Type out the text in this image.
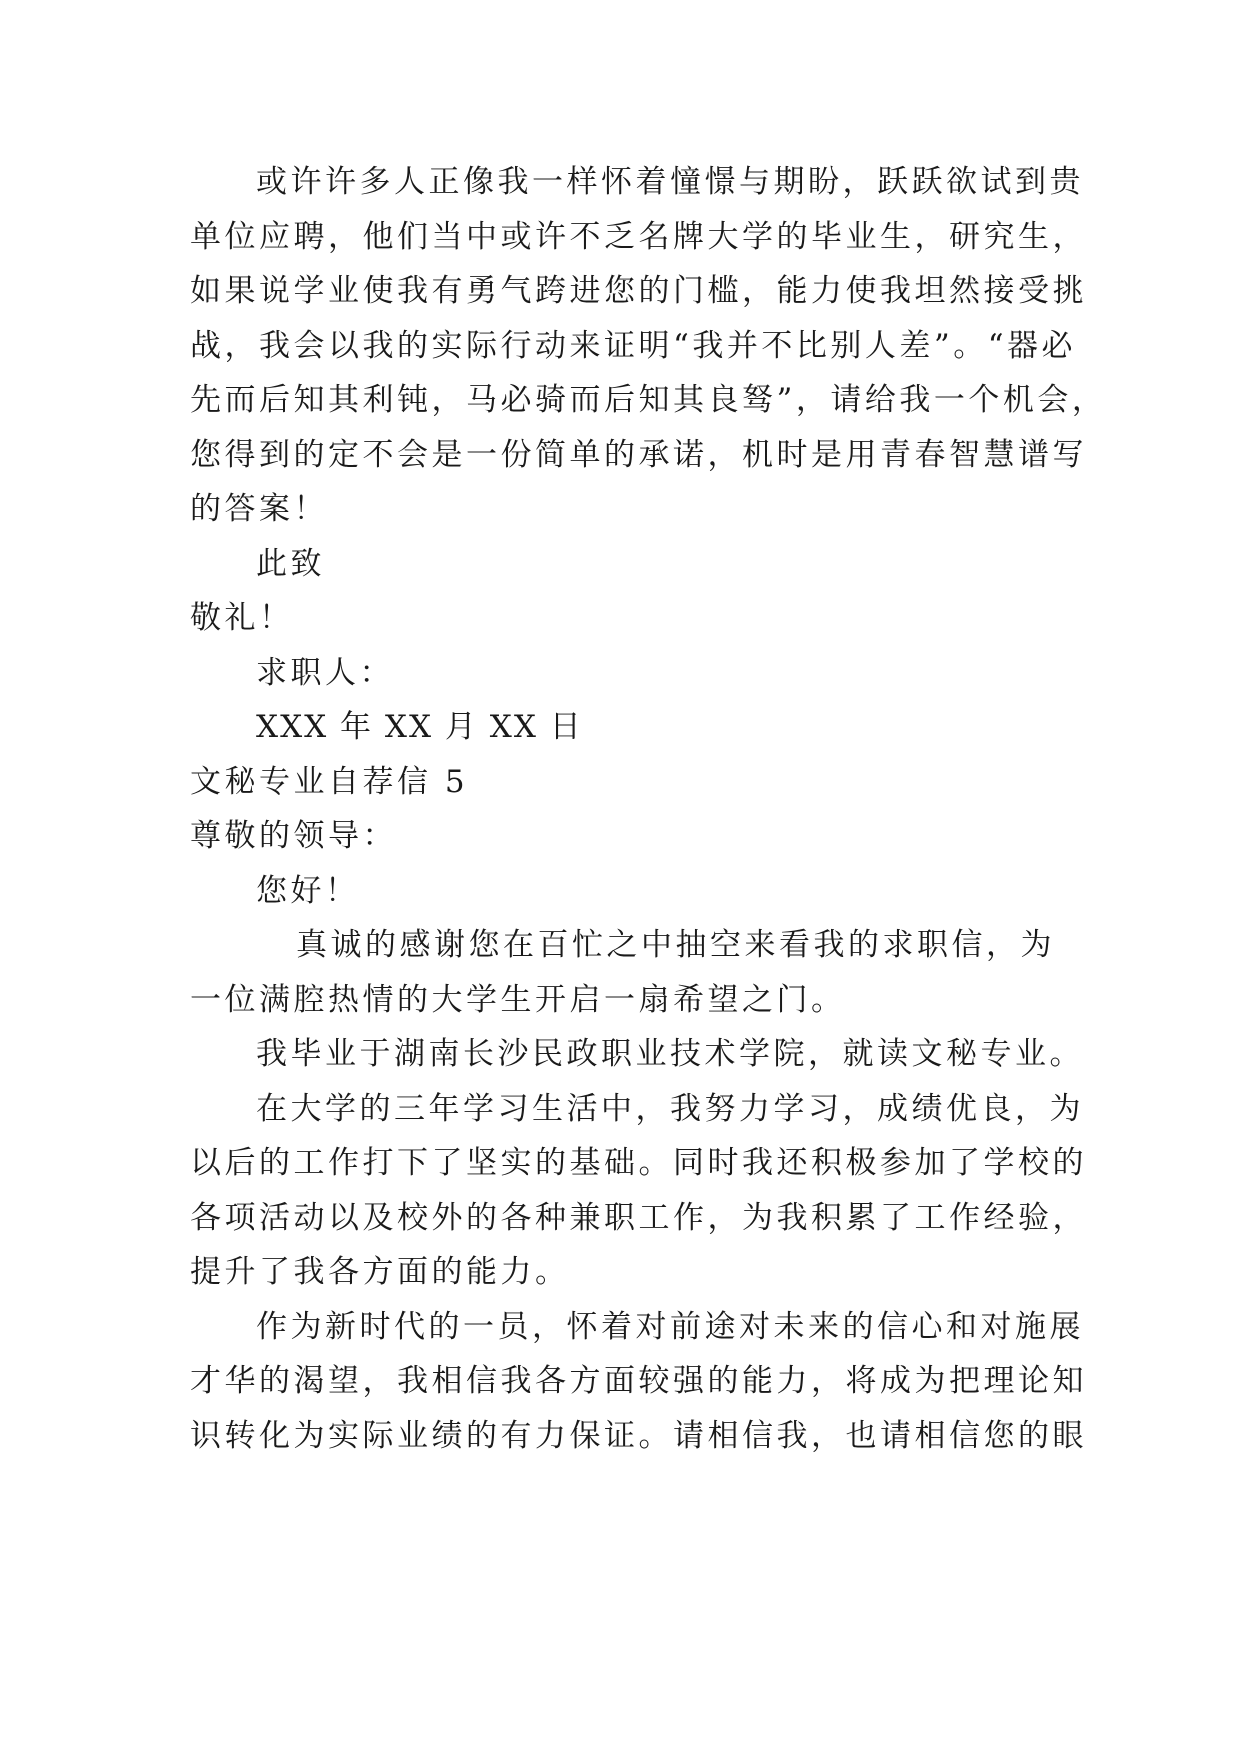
或许许多人正像我一样怀着憧憬与期盼，跃跃欲试到贵
单位应聘，他们当中或许不乏名牌大学的毕业生，研究生，
如果说学业使我有勇气跨进您的门槛，能力使我坦然接受挑
战，我会以我的实际行动来证明“我并不比别人差”。“器必
先而后知其利钝，马必骑而后知其良驽”，请给我一个机会，
您得到的定不会是一份简单的承诺，机时是用青春智慧谱写
的答案！
此致
敬礼！
求职人：
XXX 年 XX 月 XX 日
文秘专业自荐信 5
尊敬的领导：
您好！
真诚的感谢您在百忙之中抽空来看我的求职信，为
一位满腔热情的大学生开启一扇希望之门。
我毕业于湖南长沙民政职业技术学院，就读文秘专业。
在大学的三年学习生活中，我努力学习，成绩优良，为
以后的工作打下了坚实的基础。同时我还积极参加了学校的
各项活动以及校外的各种兼职工作，为我积累了工作经验，
提升了我各方面的能力。
作为新时代的一员，怀着对前途对未来的信心和对施展
才华的渴望，我相信我各方面较强的能力，将成为把理论知
识转化为实际业绩的有力保证。请相信我，也请相信您的眼
